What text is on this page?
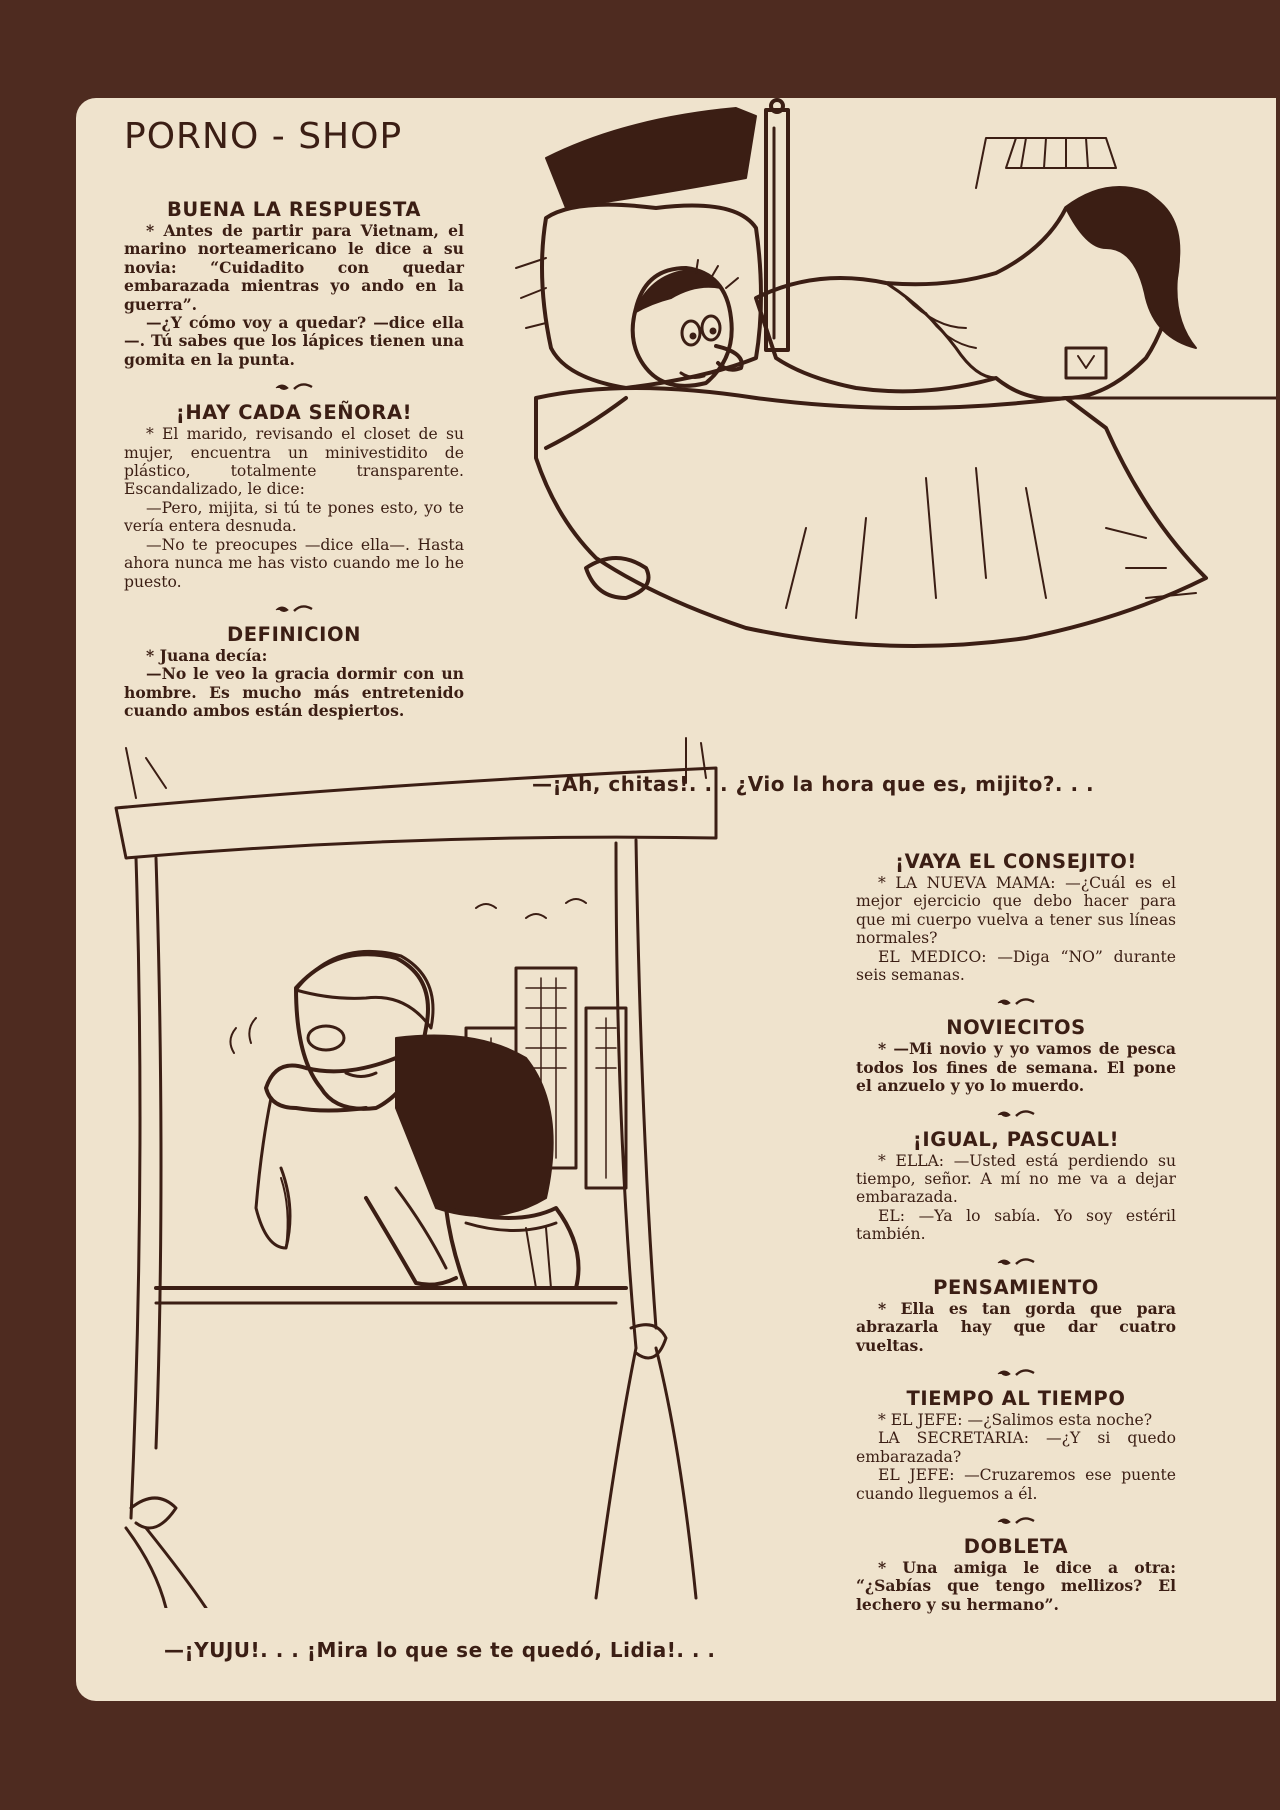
PORNO - SHOP
BUENA LA RESPUESTA

* Antes de partir para Vietnam, el marino norteamericano le dice a su novia: “Cuidadito con quedar embarazada mientras yo ando en la guerra”.

—¿Y cómo voy a quedar? —dice ella—. Tú sabes que los lápices tienen una gomita en la punta.

¡HAY CADA SEÑORA!

* El marido, revisando el closet de su mujer, encuentra un minivestidito de plástico, totalmente transparente. Escandalizado, le dice:

—Pero, mijita, si tú te pones esto, yo te vería entera desnuda.

—No te preocupes —dice ella—. Hasta ahora nunca me has visto cuando me lo he puesto.

DEFINICION

* Juana decía:

—No le veo la gracia dormir con un hombre. Es mucho más entretenido cuando ambos están despiertos.

—¡Ah, chitas!. . . ¿Vio la hora que es, mijito?. . .
—¡YUJU!. . . ¡Mira lo que se te quedó, Lidia!. . .
¡VAYA EL CONSEJITO!

* LA NUEVA MAMA: —¿Cuál es el mejor ejercicio que debo hacer para que mi cuerpo vuelva a tener sus líneas normales?

EL MEDICO: —Diga “NO” durante seis semanas.

NOVIECITOS

* —Mi novio y yo vamos de pesca todos los fines de semana. El pone el anzuelo y yo lo muerdo.

¡IGUAL, PASCUAL!

* ELLA: —Usted está perdiendo su tiempo, señor. A mí no me va a dejar embarazada.

EL: —Ya lo sabía. Yo soy estéril también.

PENSAMIENTO

* Ella es tan gorda que para abrazarla hay que dar cuatro vueltas.

TIEMPO AL TIEMPO

* EL JEFE: —¿Salimos esta noche?

LA SECRETARIA: —¿Y si quedo embarazada?

EL JEFE: —Cruzaremos ese puente cuando lleguemos a él.

DOBLETA

* Una amiga le dice a otra: “¿Sabías que tengo mellizos? El lechero y su hermano”.
